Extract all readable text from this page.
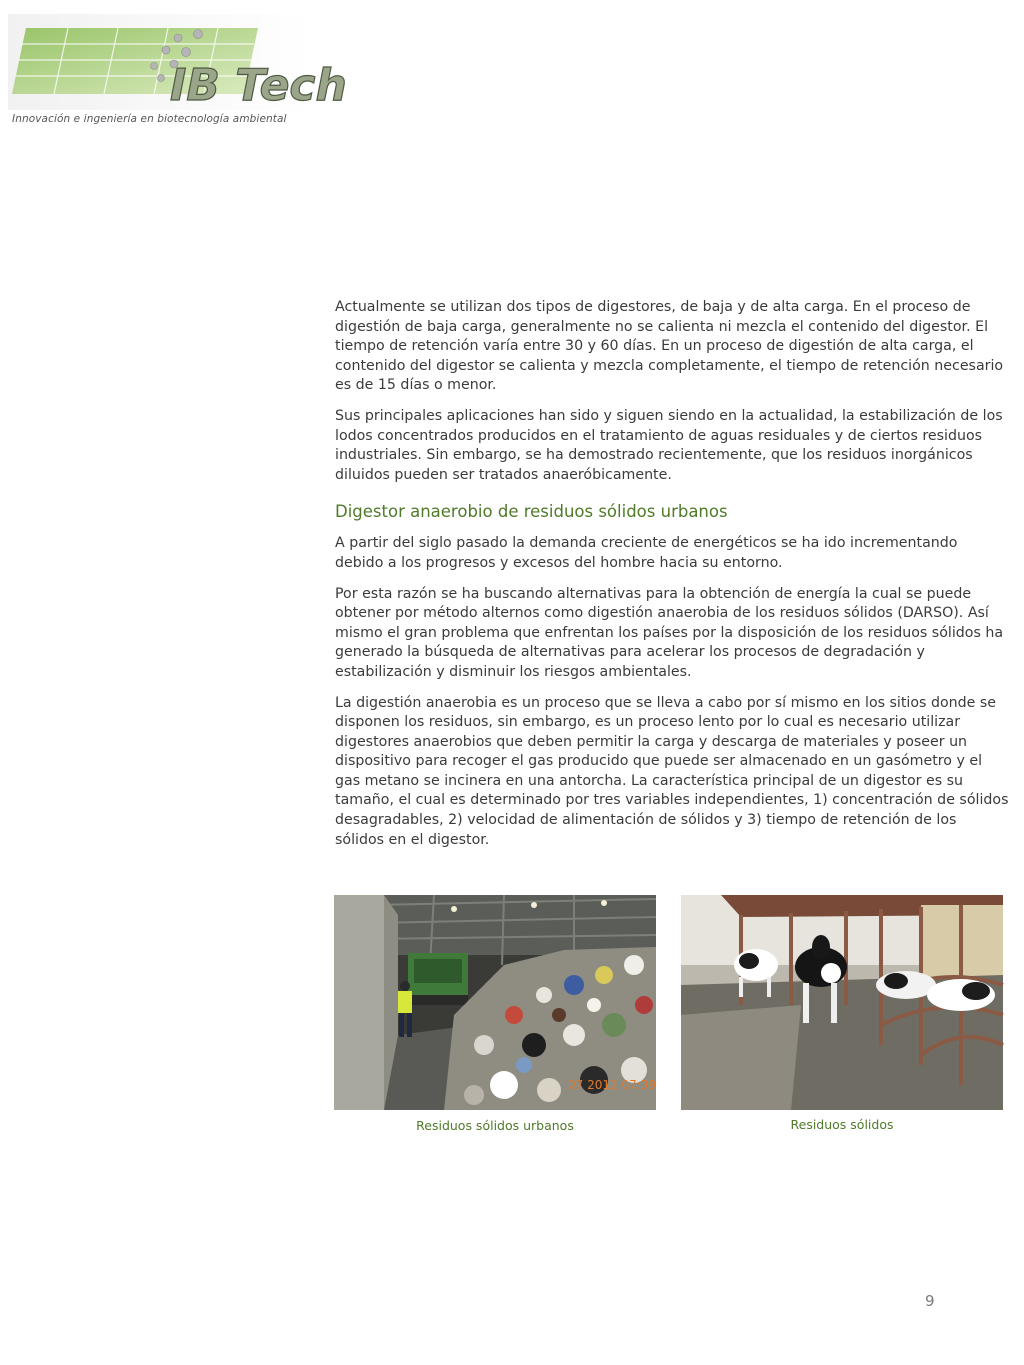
IB Tech
Innovación e ingeniería en biotecnología ambiental

Actualmente se utilizan dos tipos de digestores, de baja y de alta carga. En el proceso de digestión de baja carga, generalmente no se calienta ni mezcla el contenido del digestor. El tiempo de retención varía entre 30 y 60 días. En un proceso de digestión de alta carga, el contenido del digestor se calienta y mezcla completamente, el tiempo de retención necesario es de 15 días o menor.

Sus principales aplicaciones han sido y siguen siendo en la actualidad, la estabilización de los lodos concentrados producidos en el tratamiento de aguas residuales y de ciertos residuos industriales. Sin embargo, se ha demostrado recientemente, que los residuos inorgánicos diluidos pueden ser tratados anaeróbicamente.

Digestor anaerobio de residuos sólidos urbanos

A partir del siglo pasado la demanda creciente de energéticos se ha ido incrementando debido a los progresos y excesos del hombre hacia su entorno.

Por esta razón se ha buscando alternativas para la obtención de energía la cual se puede obtener por método alternos como digestión anaerobia de los residuos sólidos (DARSO). Así mismo el gran problema que enfrentan los países por la disposición de los residuos sólidos ha generado la búsqueda de alternativas para acelerar los procesos de degradación y estabilización y disminuir los riesgos ambientales.

La digestión anaerobia es un proceso que se lleva a cabo por sí mismo en los sitios donde se disponen los residuos, sin embargo, es un proceso lento por lo cual es necesario utilizar digestores anaerobios que deben permitir la carga y descarga de materiales y poseer un dispositivo para recoger el gas producido que puede ser almacenado en un gasómetro y el gas metano se incinera en una antorcha. La característica principal de un digestor es su tamaño, el cual es determinado por tres variables independientes, 1) concentración de sólidos desagradables, 2) velocidad de alimentación de sólidos y 3) tiempo de retención de los sólidos en el digestor.

07 2012 07:39
Residuos sólidos urbanos	Residuos sólidos
9
